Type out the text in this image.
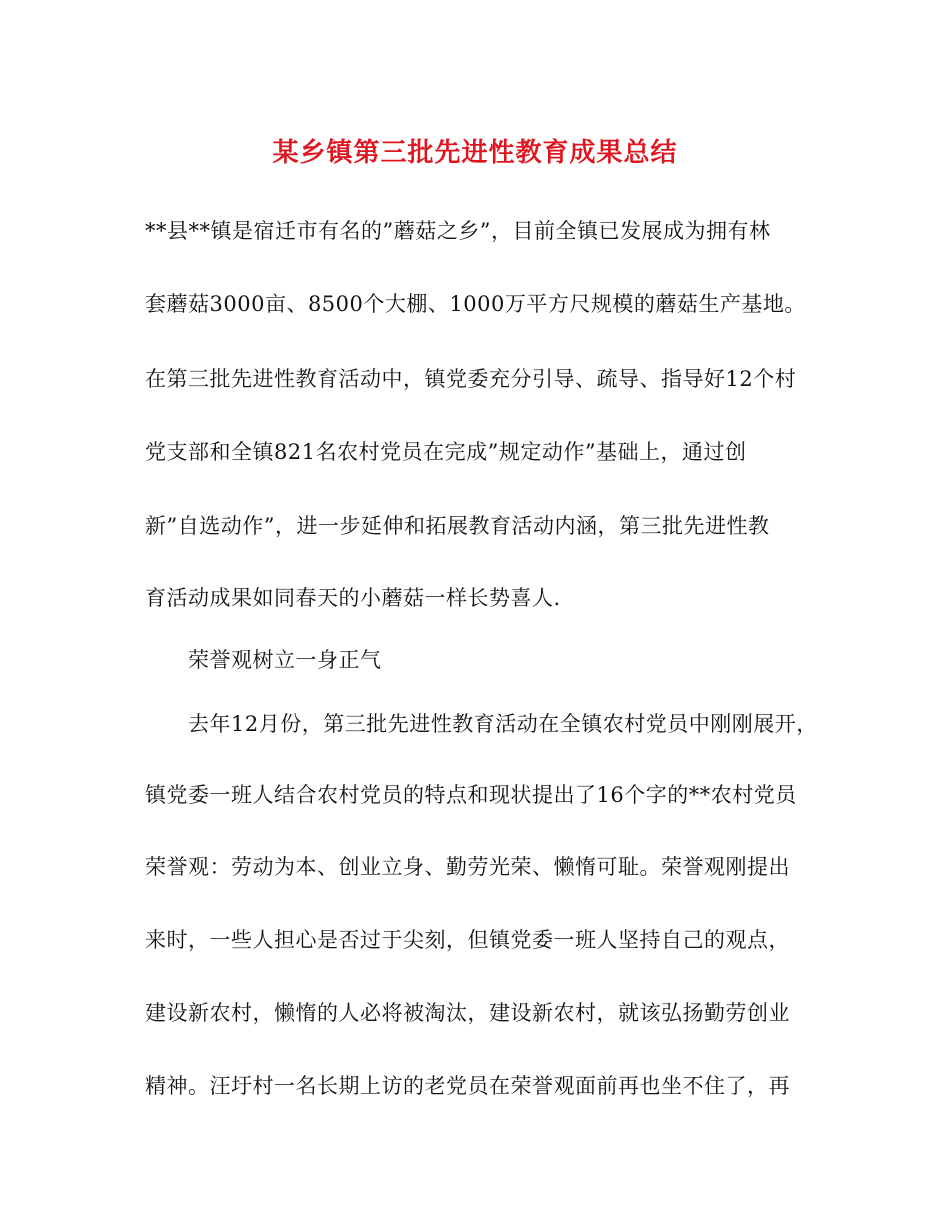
某乡镇第三批先进性教育成果总结
**县**镇是宿迁市有名的”蘑菇之乡”，目前全镇已发展成为拥有林
套蘑菇3000亩、8500个大棚、1000万平方尺规模的蘑菇生产基地。
在第三批先进性教育活动中，镇党委充分引导、疏导、指导好12个村
党支部和全镇821名农村党员在完成”规定动作”基础上，通过创
新”自选动作”，进一步延伸和拓展教育活动内涵，第三批先进性教
育活动成果如同春天的小蘑菇一样长势喜人.
荣誉观树立一身正气
去年12月份，第三批先进性教育活动在全镇农村党员中刚刚展开，
镇党委一班人结合农村党员的特点和现状提出了16个字的**农村党员
荣誉观：劳动为本、创业立身、勤劳光荣、懒惰可耻。荣誉观刚提出
来时，一些人担心是否过于尖刻，但镇党委一班人坚持自己的观点，
建设新农村，懒惰的人必将被淘汰，建设新农村，就该弘扬勤劳创业
精神。汪圩村一名长期上访的老党员在荣誉观面前再也坐不住了，再
